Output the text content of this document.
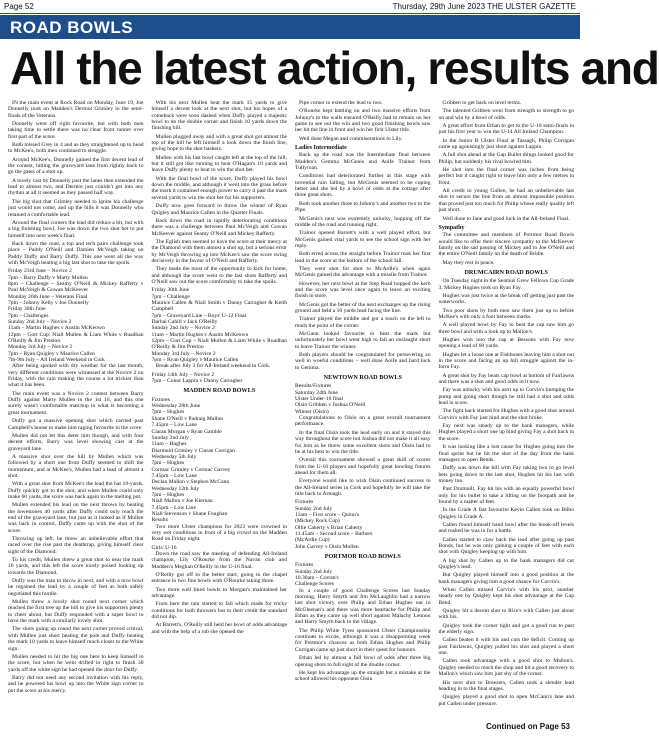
Page 52	Thursday, 29th June 2023 THE ULSTER GAZETTE
ROAD BOWLS
All the latest action, results and

IN the main event at Rock Road on Monday, June 19, Joe Donnelly took on Madden's Dermot Grimley in the semi-finals of the Veterans.

Donnelly went off right favourite, but with both men taking time to settle there was no clear front runner over first part of the score.

Both missed Grey in 4 and as they straightened up to head to McKee's, both men continued to struggle.

Around McKee's, Donnelly gained the first decent lead of the contest, hitting the graveyard lane from rightly back to go the gates of a shot up.

A lovely cast by Donnelly past the lanes then extended the lead to almost two, and Dermot just couldn't get into any rhythm at all it seemed as they passed half way.

The big shot that Grimley needed to ignite his challenge just would not come, and up the hills it was Donnelly who retained a comfortable lead.

Around the final corners the lead did reduce a bit, but with a big finishing bowl, Joe was down the two shot bet to put himself into next week's final.

Back down the road, a top and tech pairs challenge took place – Paddy O'Neill and Damien McVeigh taking on Paddy Duffy and Barry Duffy. This one went all the way with McVeigh beating a big last shot to take the spoils.

Friday 23rd June – Novice 2

7pm – Barry Duffy v Marty Mullen

8pm – Challenge – Seamy O'Neill & Mickey Rafferty v Paul McVeigh & Gowan McKeever

Monday 26th June – Veterans Final

7pm – Johnny Kelly v Joe Donnelly

Friday 30th June

7pm – Challenges

Sunday 2nd July – Novice 2

11am – Martin Hughes v Austin McKeown

12pm – Gort Cup: Niall Mullen & Liam White v Ruadhan O'Reilly & Jim Preston

Monday 3rd July – Novice 2

7pm – Ryan Quigley v Maurice Callen

7th-9th July – All Ireland Weekend in Cork

After being spoiled with dry weather for the last month, very different conditions were witnessed at the Novice 2 on Friday, with the rain making the course a lot trickier than what it has been.

The main event was a Novice 2 contest between Barry Duffy against Marty Mullen in the 1st 16, and this one surely wasn't comfortable matchup in what is becoming a great tournament.

Duffy got a massive opening shot which carried past Campbell's house to make him raging favourite in the score.

Mullen did not let this deter him though, and with four decent efforts, Barry was level showing cast at the graveyard lane.

A massive shot over the hill by Mullen which was followed by a short one from Duffy seemed to shift the momentum, and at McKee's, Mullen had a lead of almost a shot.

With a great shot from McKee's the lead the hat 10-yards, Duffy quickly got to the shot, and when Mullen could only make 60 yards, the score was back again in the melting pot.

Mullen extended his lead on the next throws by beating the lowestones 40 yards after Duffy could only reach the end of the graveyard lane, but just as it looked as if Mullen was back in control, Duffy came up with the shot of the score.

Throwing up left, he threw an unbelievable effort that raced over the rise past the deathtrap, giving himself clear sight of the Diamond.

To his credit, Mullen threw a great shot to near the mark 10 yards, and this left the score nicely poised looking up towards the Diamond.

Duffy was the man to throw in next, and with a nice bowl he regained the lead by a couple of feet as both safely negotiated this hurdle.

Mullen threw a lovely shot round next corner which reached the first tree up the hill to give his supporters plenty to cheer about, but Duffy responded with a super bowl to have the mark with a similarly lovely shot.

The shots going up round the next corner proved critical, with Mullen just short beating the pole and Duffy beating the mark 10 yards to leave himself much closer to the White sign.

Mullen needed to hit the big one here to keep himself in the score, but when he went drifted in right to finish 30 yards off the white sign he had opened the door for Duffy.

Barry did not need any second invitation with his reply, and he powered his bowl up into the White sign corner to put the score at his mercy.

With his next Mullen beat the mark 15 yards to give himself a decent look at the next shot, but his hopes of a comeback were soon dashed when Duffy played a majestic bowl to do the double corner and finish 10 yards down the finishing hill.

Mullen plugged away and with a great shot got almost the top of the hill he left himself a look down the finish line, giving hope to the shot bashers.

Mullen with his last bowl caught left at the top of the hill, but it still got like running to beat O'Hagan's 10 yards and leave Duffy plenty to beat to win the shot bet.

With the final bowl of the score, Duffy played his bowl down the middle, and although it went into the grass before the mark it contained enough power to carry it past the mark several yards to win the shot bet for his supporters.

Duffy now goes forward to throw the winner of Ryan Quigley and Maurice Callen in the Quarter Finals.

Back down the road in rapidly deteriorating conditions there was a challenge between Paul McVeigh and Gowan McKeever against Seamy O'Neill and Mickey Rafferty.

The Eglish men seemed to have the score at their mercy at the Diamond with them almost a shot up, but a serious error by McVeigh throwing up into McKee's saw the score swing decisively in the favour of O'Neill and Rafferty.

They made the most of the opportunity to kick for home, and although the score went to the last shots Rafferty and O'Neill saw out the score comfortably to take the spoils.

Friday 30th June

7pm – Challenge

Maurice Callen & Niall Smith v Danny Carragher & Keith Campbell

7pm – Graveyard Line – Boys' U-12 Final

Darhai Cahill v Jack O'Reilly

Sunday 2nd July – Novice 2

11am – Martin Hughes v Austin McKeown

12pm – Gort Cup – Niall Mullen & Liam White v Ruadhan O'Reilly & Jim Preston

Monday 3rd July – Novice 2

7pm – Ryan Quigley v Maurice Callen

Break after July 3 for All-Ireland weekend in Cork.

Friday 14th July – Novice 2

7pm – Conor Lappin v Danny Carragher

MADDEN ROAD BOWLS

Fixtures

Wednesday 28th June

7pm – Hughes

Shane O'Neill v Padraig Mallon

7.45pm – Low Lane

Ciaran Morgan v Ryan Gamble

Sunday 2nd July

11am – Hughes

Diarmuid Grimley v Ciaran Corrigan

Wednesday 5th July

7pm – Hughes

Cormac Grimley v Cormac Garvey

7.45pm – Low Lane

Declan Mallon v Stephen McCann

Wednesday 12th July

7pm – Hughes

Niall Mallon v Joe Kiernan

7.45pm – Low Line

Niall Stevenson v Shane Foughan

Results

Two more Ulster champions for 2023 were crowned in very wet conditions in front of a big crowd on the Madden Road on Friday night.

Girls' U-16

Down the road saw the meeting of defending All-Ireland champion, Lily O'Rourke from the Navan club and Madden's Meghan O'Reilly in the U-16 final.

O'Reilly got off to the better start, going to the chapel entrance in two fine bowls with O'Rourke taking three.

Two more well lined bowls to Morgan's maintained her advantage.

From here the rain started to fall which made for tricky conditions for both throwers but to their credit the standard did not dip.

At Barrett's, O'Reilly still held her bowl of odds advantage and with the help of a rub she opened the

Pipe corner to extend the lead to two.

O'Rourke kept battling on and two massive efforts from Johnny's to the walls ensured O'Reilly had to remain on her game to see out the win and two good finishing bowls saw her hit the line in front and win her first Ulster title.

Well done Megan and commiserations to Lily.

Ladies Intermediate

Back up the road was the Intermediate final between Madden's Gemma McGenis and Aoife Trainor from Tullyroan.

Conditions had deteriorated further at this stage with torrential rain falling, but McGenis seemed to be coping better and she led by a bowl of odds at the cottage after three great shots.

Both took another three to Johnny's and another two to the Pipe.

McGenis's next was extremely unlucky, hopping off the middle of the road and running right.

Trainor opened Barrett's with a well played effort, but McGenis gained vital yards to see the school sign with her reply.

Both erred across the straight before Trainor took her first lead in the score at the bottom of the school fall.

They went shot for shot to McArdle's when again McGenis gained the advantage with a missile from Trainor.

However, her next bowl at the Step Road hopped the kerb and the score was level once again to leave an exciting finish in store.

McGenis got the better of the next exchanges up the rising ground and held a 10 yards lead facing the line.

Trainor played the middle and got a touch on the left to reach the point of the corner.

McGann looked favourite to beat the mark but unfortunately her bowl went high to fall an onslaught short to leave Trainor the winner.

Both players should be congratulated for persevering so well in woeful conditions – well done Aoife and hard luck to Gemma.

NEWTOWN ROAD BOWLS

Results/Fixtures

Saturday 24th June

Ulster Under-16 final

Oisin Gribben v Joshua O'Neill

Winner (Oisin)

Congratulations to Oisin on a great overall tournament performance.

In the final Oisin took the lead early on and it stayed this way throughout the score but Joshua did not make it all easy for him as he threw some excellent shots and Oisin had to be at his best to win the title.

Overall this tournament showed a great skill of scores from the U-16 players and hopefully great bowling futures ahead for them all.

Everyone would like to wish Oisin continued success in the All-Ireland series in Cork and hopefully he will take the title back to Armagh.

Fixtures

Sunday 2nd July

11am – First score – Quinn's

(Mickey Rock Cup)

Ollie Caherty v Brian Caherty

11.45am – Second score – Barbers

(McArdle Cup)

John Garvey v Oisin Mullen

PORTMOR ROAD BOWLS

Fixtures

Sunday 2nd July

10.30am – Corran's

Challenge Scores

In a couple of good Challenge Scores last Sunday morning, Harry Smyth and Jim McLaughlin had a narrow last shot victory over Philip and Ethan Hughes out to McGleenan's and there was more heartache for Philip and Ethan as they came up well short against Malachy Lennon and Harry Smyth back to the village.

The Philip White Tyres sponsored Ulster Championship continues to excite, although it was a disappointing week for Portmor's chances as both Ethan Hughes and Philip Corrigan came up just short in their quest for honours.

Ethan led by almost a full bowl of odds after three big opening shots to full sight of the double corner.

He kept his advantage up the straight but a mistake at the school allowed his opponent Oisin

Gribben to get back on level terms.

The talented Gribben went from strength to strength to go on and win by a bowl of odds.

A great effort from Ethan to get to the U-18 semi-finals in just his first year to win the U-14 All Ireland Champion.

In the Junior B Ulster Final at Tassagh, Philip Corrigan came up agonisingly just short against Lappin.

A full shot ahead at the Gap Bullet things looked good for Philip, but suddenly his rival bowled him.

He shot into the final corner was inches from being perfect but it caught right to leave him only a few metres in front.

All credit to young Gullen, he had an unbelievable last shot to secure the line from an almost impossible position that proved just too much for Philip whose really quality left just short.

Well done to Jane and good luck in the All-Ireland Final.

Sympathy

The committee and members of Portmor Road Bowls would like to offer their sincere sympathy to the McKeever family on the sad passing of Mickey and to Joe O'Neill and the entire O'Neill family on the death of Bridie.

May they rest in peace.

DRUMCAIRN ROAD BOWLS

On Tuesday night in the Seamus Grew Fellows Cup Grade 3, Mickey Hughes took on Ryan Fay.

Hughes was just twice at the break off getting just past the waterworks.

Two poor shots by both men saw them just up to before McKee's with only a foot between marks.

A well played bowl by Fay to beat the cap saw him go three bowl and with a look up to Mallon's.

Hughes won into the cap at Bessons with Fay now opening a lead of 60 yards.

Hughes let a loose one at Fishbones leaving him a shot out in the score and facing an up hill struggle against the in-form Fay.

A great shot by Fay beats cap bowl at bottom of Fairlawns and there was a shot and good odds in it now.

Fay was unlucky with his next up to Corvin's bumping the pump and going short though he still had a shot and odds lead in score.

The fight back started for Hughes with a good shot around Corvin's with Fay just hind and the shot broke.

Fay next was steady up to the bank managers, while Hughes played a short one up hind giving Fay a shot back in the score.

It was looking like a lost cause for Hughes going into the final sprint but he hit the shot of the day from the bank managers to open Bends.

Duffy was down the hill with Fay taking two to go level bets going down to the last shot, Hughes hit his last with money too.

Past Drumnill, Fay hit his with an equally powerful bowl only for his bullet to take a lifting on the footpath and he found by a matter of feet.

In the Grade A fast favourite Kevin Callen took on Bilbo Quigley in Grade A.

Callen found himself hand bowl after the break-off levels and rushed he was in for a battle.

Callen started to claw back the lead after going up past Bonds, but he was only gaining a couple of feet with each shot with Quigley keeping up with him.

A big shot by Callen up to the bank managers did cut Quigley's lead.

But Quigley played himself into a good position at the bank managers giving him a good chance for Corvin's.

When Callen missed Corvin's with his next, another steady one by Quigley kept his shot advantage at the Gap Bend.

Quigley hit a decent shot to Rice's with Callen just about with his.

Quigley took the corner tight and got a good run to past the elderly sign.

Callen beaten it with his and cuts the deficit. Coming up past Fairlawns, Quigley pulled his shot and played a short one.

Callen took advantage with a good shot to Mallon's. Quigley needed to reach the shop and hit a good recovery to Mallon's which saw him just shy of the corner.

His next shot to Breezers, Callen took a slender lead heading in to the final stages.

Quigley played a good shot to open McCann's lane and put Callen under pressure.

Continued on Page 53
